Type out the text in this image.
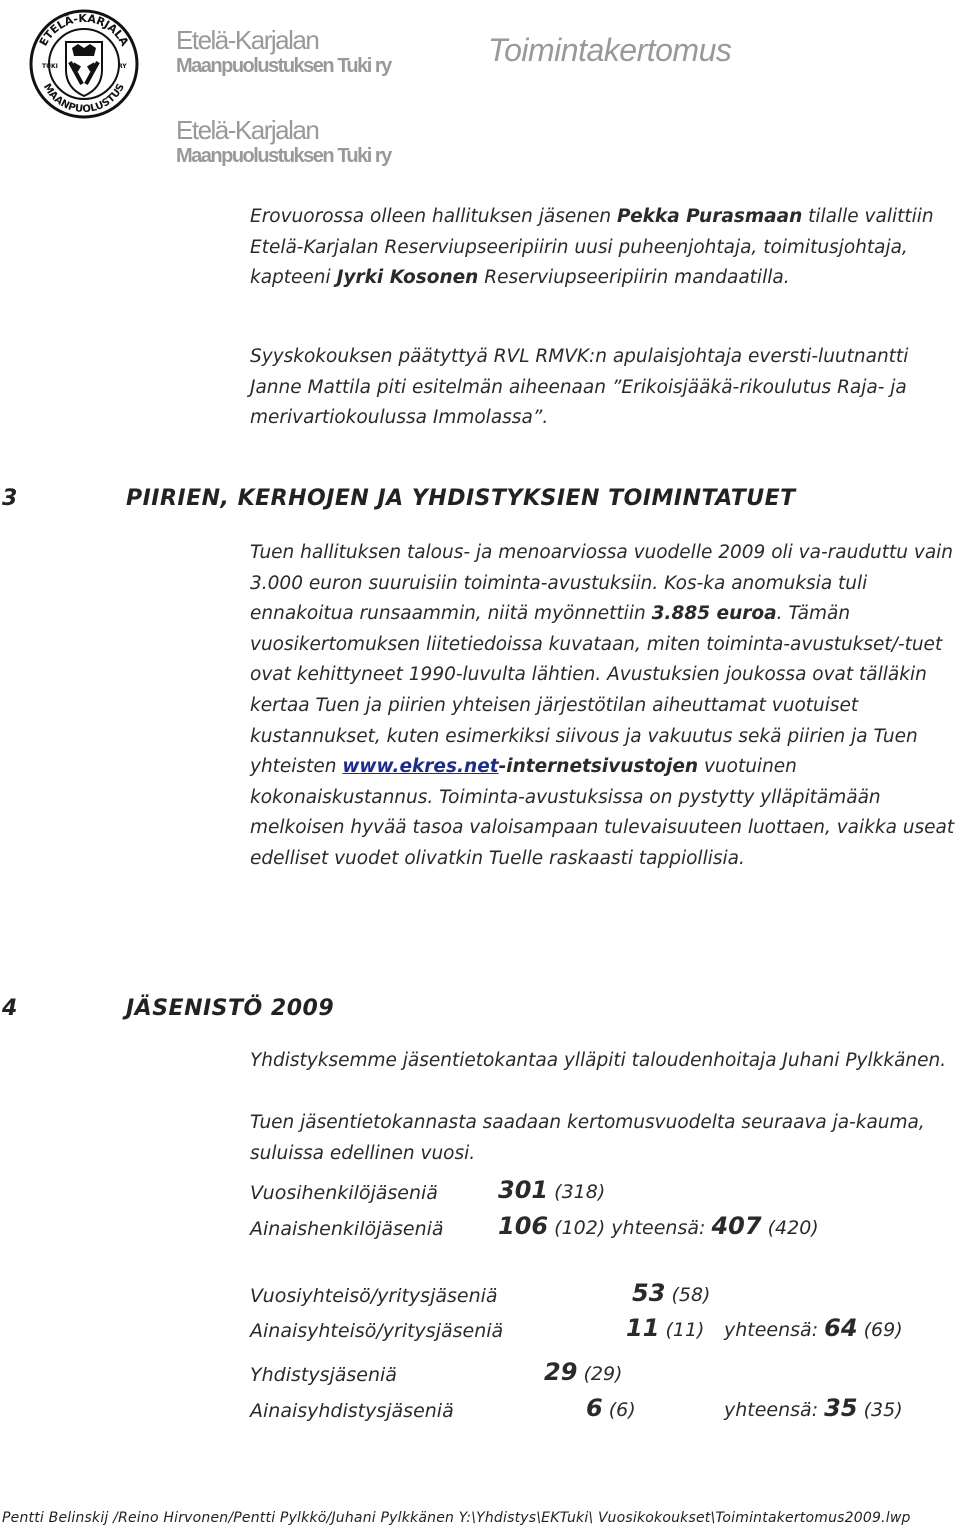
ETELÄ-KARJALA
MAANPUOLUSTUS
TUKI	RY
Etelä-Karjalan
Maanpuolustuksen Tuki ry	Toimintakertomus
Etelä-Karjalan
Maanpuolustuksen Tuki ry

Erovuorossa olleen hallituksen jäsenen Pekka Purasmaan tilalle valittiin Etelä-Karjalan Reserviupseeripiirin uusi puheenjohtaja, toimitusjohtaja, kapteeni Jyrki Kosonen Reserviupseeripiirin mandaatilla.

Syyskokouksen päätyttyä RVL RMVK:n apulaisjohtaja eversti-luutnantti Janne Mattila piti esitelmän aiheenaan ”Erikoisjääkä-rikoulutus Raja- ja merivartiokoulussa Immolassa”.

3	PIIRIEN, KERHOJEN JA YHDISTYKSIEN TOIMINTATUET

Tuen hallituksen talous- ja menoarviossa vuodelle 2009 oli va-rauduttu vain 3.000 euron suuruisiin toiminta-avustuksiin. Kos-ka anomuksia tuli ennakoitua runsaammin, niitä myönnettiin 3.885 euroa. Tämän vuosikertomuksen liitetiedoissa kuvataan, miten toiminta-avustukset/-tuet ovat kehittyneet 1990-luvulta lähtien. Avustuksien joukossa ovat tälläkin kertaa Tuen ja piirien yhteisen järjestötilan aiheuttamat vuotuiset kustannukset, kuten esimerkiksi siivous ja vakuutus sekä piirien ja Tuen yhteisten www.ekres.net-internetsivustojen vuotuinen kokonaiskustannus. Toiminta-avustuksissa on pystytty ylläpitämään melkoisen hyvää tasoa valoisampaan tulevaisuuteen luottaen, vaikka useat edelliset vuodet olivatkin Tuelle raskaasti tappiollisia.

4	JÄSENISTÖ 2009

Yhdistyksemme jäsentietokantaa ylläpiti taloudenhoitaja Juhani Pylkkänen.

Tuen jäsentietokannasta saadaan kertomusvuodelta seuraava ja-kauma, suluissa edellinen vuosi.

Vuosihenkilöjäseniä	301 (318)
Ainaishenkilöjäseniä 106 (102) yhteensä: 407 (420)
Vuosiyhteisö/yritysjäseniä	53 (58)
Ainaisyhteisö/yritysjäseniä	11 (11) yhteensä: 64 (69)
Yhdistysjäseniä	29 (29)
Ainaisyhdistysjäseniä	6 (6)	yhteensä: 35 (35)
Pentti Belinskij /Reino Hirvonen/Pentti Pylkkö/Juhani Pylkkänen Y:\Yhdistys\EKTuki\ Vuosikokoukset\Toimintakertomus2009.lwp
